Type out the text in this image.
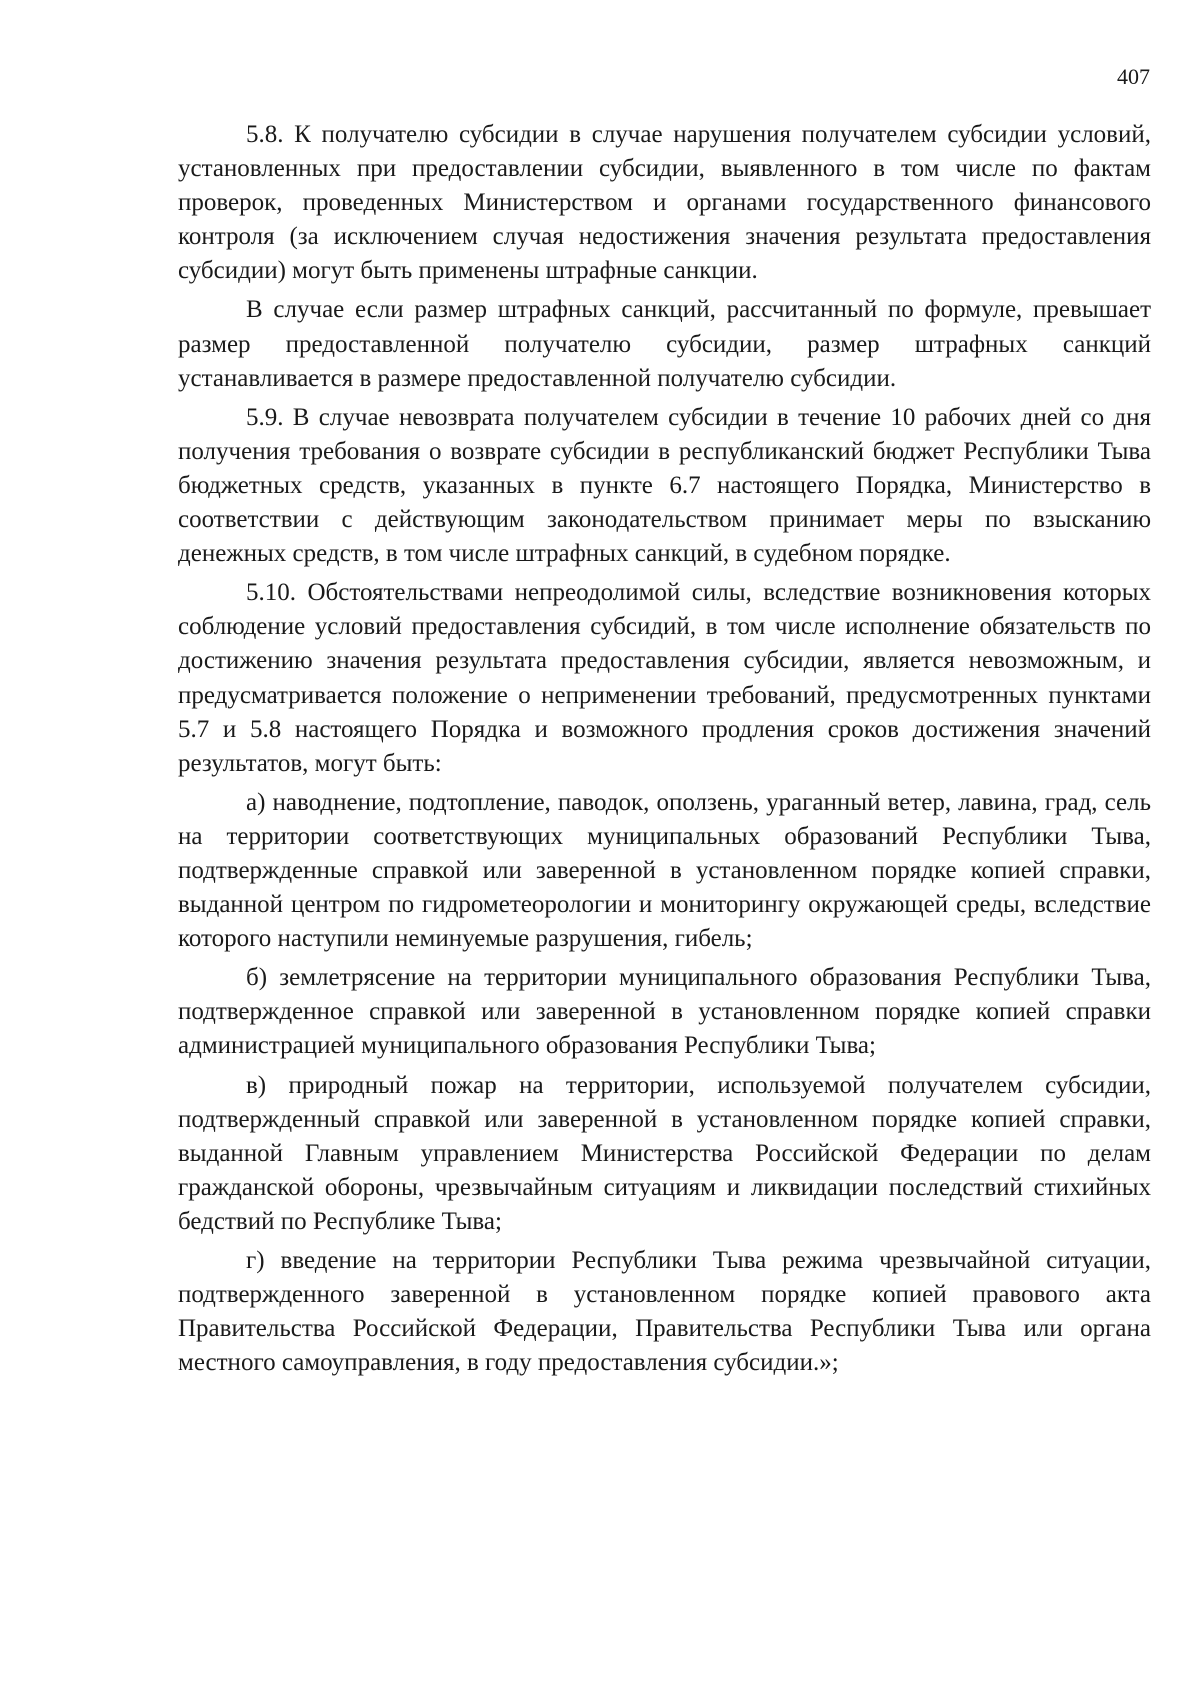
407

5.8. К получателю субсидии в случае нарушения получателем субсидии условий, установленных при предоставлении субсидии, выявленного в том числе по фактам проверок, проведенных Министерством и органами государственного финансового контроля (за исключением случая недостижения значения результата предоставления субсидии) могут быть применены штрафные санкции.

В случае если размер штрафных санкций, рассчитанный по формуле, превышает размер предоставленной получателю субсидии, размер штрафных санкций устанавливается в размере предоставленной получателю субсидии.

5.9. В случае невозврата получателем субсидии в течение 10 рабочих дней со дня получения требования о возврате субсидии в республиканский бюджет Республики Тыва бюджетных средств, указанных в пункте 6.7 настоящего Порядка, Министерство в соответствии с действующим законодательством принимает меры по взысканию денежных средств, в том числе штрафных санкций, в судебном порядке.

5.10. Обстоятельствами непреодолимой силы, вследствие возникновения которых соблюдение условий предоставления субсидий, в том числе исполнение обязательств по достижению значения результата предоставления субсидии, является невозможным, и предусматривается положение о неприменении требований, предусмотренных пунктами 5.7 и 5.8 настоящего Порядка и возможного продления сроков достижения значений результатов, могут быть:

а) наводнение, подтопление, паводок, оползень, ураганный ветер, лавина, град, сель на территории соответствующих муниципальных образований Республики Тыва, подтвержденные справкой или заверенной в установленном порядке копией справки, выданной центром по гидрометеорологии и мониторингу окружающей среды, вследствие которого наступили неминуемые разрушения, гибель;

б) землетрясение на территории муниципального образования Республики Тыва, подтвержденное справкой или заверенной в установленном порядке копией справки администрацией муниципального образования Республики Тыва;

в) природный пожар на территории, используемой получателем субсидии, подтвержденный справкой или заверенной в установленном порядке копией справки, выданной Главным управлением Министерства Российской Федерации по делам гражданской обороны, чрезвычайным ситуациям и ликвидации последствий стихийных бедствий по Республике Тыва;

г) введение на территории Республики Тыва режима чрезвычайной ситуации, подтвержденного заверенной в установленном порядке копией правового акта Правительства Российской Федерации, Правительства Республики Тыва или органа местного самоуправления, в году предоставления субсидии.»;
